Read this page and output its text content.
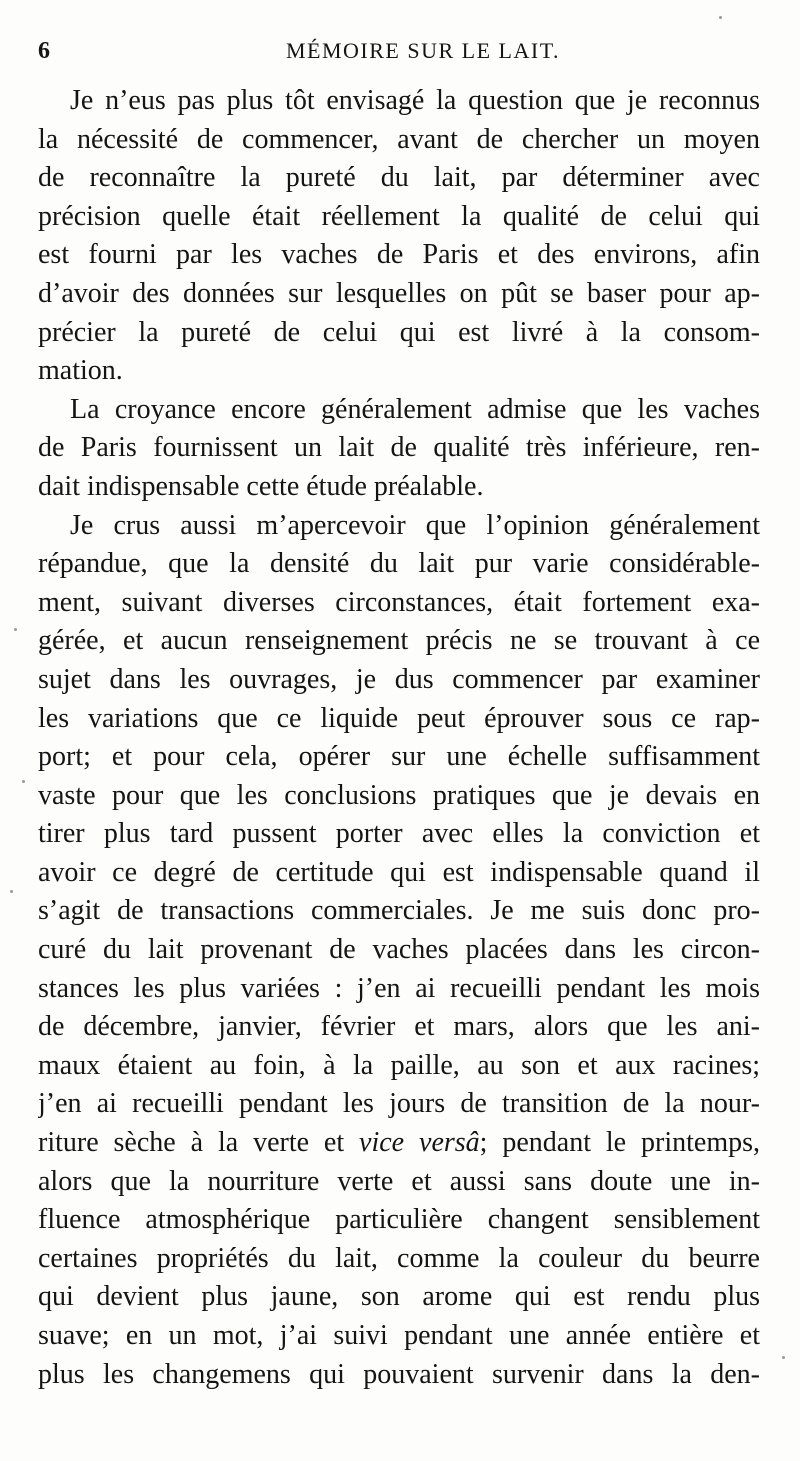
6	MÉMOIRE SUR LE LAIT.
Je n’eus pas plus tôt envisagé la question que je reconnus
la nécessité de commencer, avant de chercher un moyen
de reconnaître la pureté du lait, par déterminer avec
précision quelle était réellement la qualité de celui qui
est fourni par les vaches de Paris et des environs, afin
d’avoir des données sur lesquelles on pût se baser pour ap-
précier la pureté de celui qui est livré à la consom-
mation.
La croyance encore généralement admise que les vaches
de Paris fournissent un lait de qualité très inférieure, ren-
dait indispensable cette étude préalable.
Je crus aussi m’apercevoir que l’opinion généralement
répandue, que la densité du lait pur varie considérable-
ment, suivant diverses circonstances, était fortement exa-
gérée, et aucun renseignement précis ne se trouvant à ce
sujet dans les ouvrages, je dus commencer par examiner
les variations que ce liquide peut éprouver sous ce rap-
port; et pour cela, opérer sur une échelle suffisamment
vaste pour que les conclusions pratiques que je devais en
tirer plus tard pussent porter avec elles la conviction et
avoir ce degré de certitude qui est indispensable quand il
s’agit de transactions commerciales. Je me suis donc pro-
curé du lait provenant de vaches placées dans les circon-
stances les plus variées : j’en ai recueilli pendant les mois
de décembre, janvier, février et mars, alors que les ani-
maux étaient au foin, à la paille, au son et aux racines;
j’en ai recueilli pendant les jours de transition de la nour-
riture sèche à la verte et vice versâ; pendant le printemps,
alors que la nourriture verte et aussi sans doute une in-
fluence atmosphérique particulière changent sensiblement
certaines propriétés du lait, comme la couleur du beurre
qui devient plus jaune, son arome qui est rendu plus
suave; en un mot, j’ai suivi pendant une année entière et
plus les changemens qui pouvaient survenir dans la den-
